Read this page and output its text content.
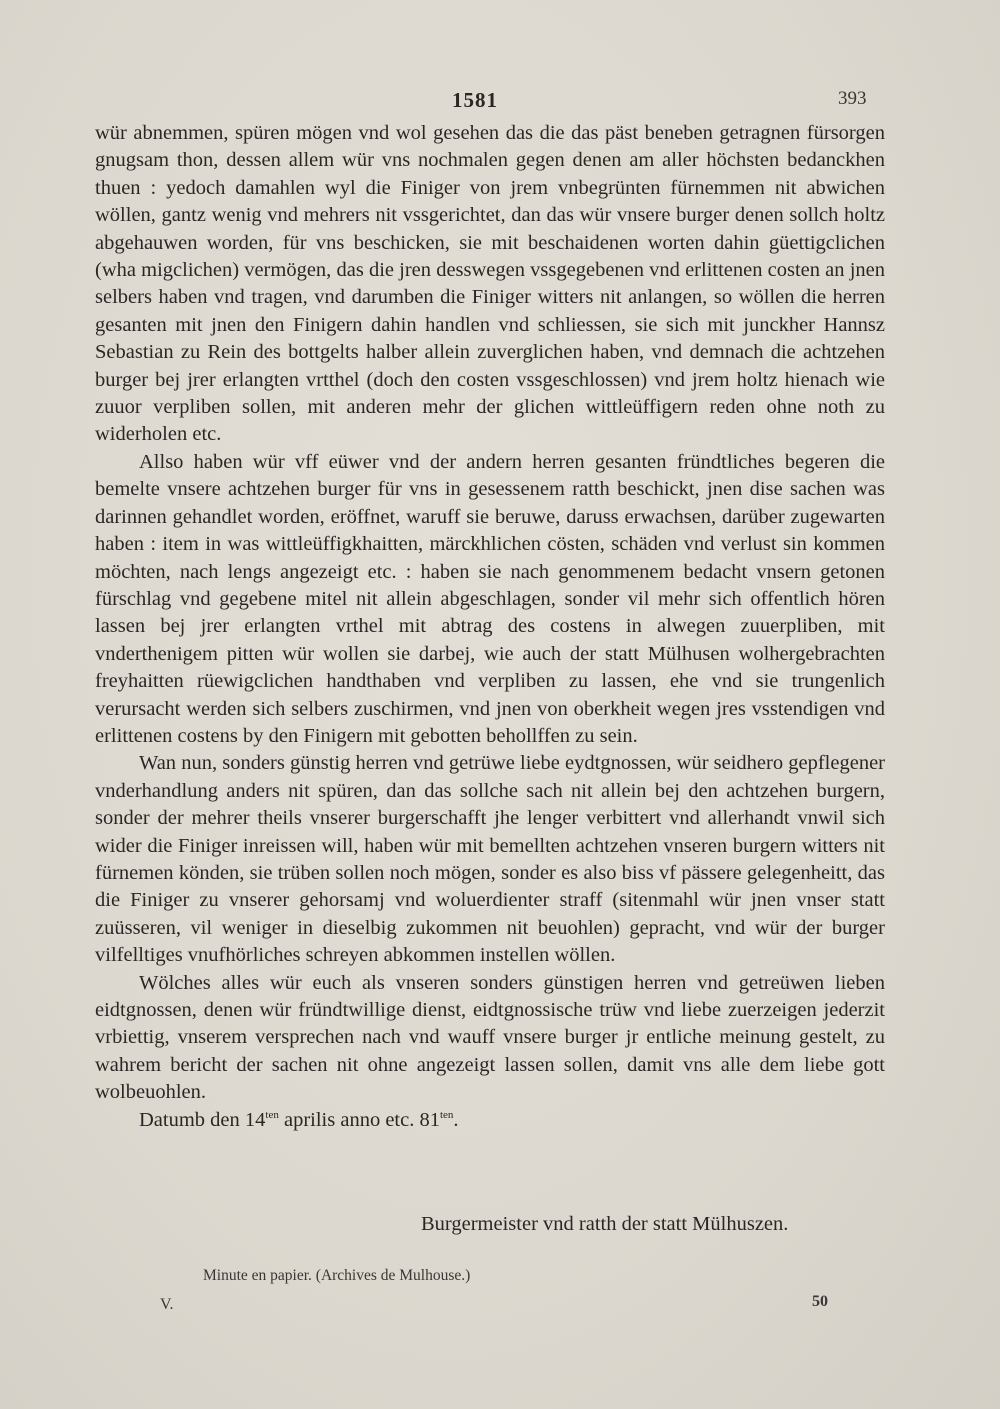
1581	393

wür abnemmen, spüren mögen vnd wol gesehen das die das päst beneben getragnen fürsorgen gnugsam thon, dessen allem wür vns nochmalen gegen denen am aller höchsten bedanckhen thuen : yedoch damahlen wyl die Finiger von jrem vnbegrünten fürnemmen nit abwichen wöllen, gantz wenig vnd mehrers nit vssgerichtet, dan das wür vnsere burger denen sollch holtz abgehauwen worden, für vns beschicken, sie mit beschaidenen worten dahin güettigclichen (wha migclichen) vermögen, das die jren desswegen vssgegebenen vnd erlittenen costen an jnen selbers haben vnd tragen, vnd darumben die Finiger witters nit anlangen, so wöllen die herren gesanten mit jnen den Finigern dahin handlen vnd schliessen, sie sich mit junckher Hannsz Sebastian zu Rein des bottgelts halber allein zuverglichen haben, vnd demnach die achtzehen burger bej jrer erlangten vrtthel (doch den costen vssgeschlossen) vnd jrem holtz hienach wie zuuor verpliben sollen, mit anderen mehr der glichen wittleüffigern reden ohne noth zu widerholen etc.

Allso haben wür vff eüwer vnd der andern herren gesanten fründtliches begeren die bemelte vnsere achtzehen burger für vns in gesessenem ratth beschickt, jnen dise sachen was darinnen gehandlet worden, eröffnet, waruff sie beruwe, daruss erwachsen, darüber zugewarten haben : item in was wittleüffigkhaitten, märckhlichen cösten, schäden vnd verlust sin kommen möchten, nach lengs angezeigt etc. : haben sie nach genommenem bedacht vnsern getonen fürschlag vnd gegebene mitel nit allein abgeschlagen, sonder vil mehr sich offentlich hören lassen bej jrer erlangten vrthel mit abtrag des costens in alwegen zuuerpliben, mit vnderthenigem pitten wür wollen sie darbej, wie auch der statt Mülhusen wolhergebrachten freyhaitten rüewigclichen handthaben vnd verpliben zu lassen, ehe vnd sie trungenlich verursacht werden sich selbers zuschirmen, vnd jnen von oberkheit wegen jres vsstendigen vnd erlittenen costens by den Finigern mit gebotten behollffen zu sein.

Wan nun, sonders günstig herren vnd getrüwe liebe eydtgnossen, wür seidhero gepflegener vnderhandlung anders nit spüren, dan das sollche sach nit allein bej den achtzehen burgern, sonder der mehrer theils vnserer burgerschafft jhe lenger verbittert vnd allerhandt vnwil sich wider die Finiger inreissen will, haben wür mit bemellten achtzehen vnseren burgern witters nit fürnemen könden, sie trüben sollen noch mögen, sonder es also biss vf pässere gelegenheitt, das die Finiger zu vnserer gehorsamj vnd woluerdienter straff (sitenmahl wür jnen vnser statt zuüsseren, vil weniger in dieselbig zukommen nit beuohlen) gepracht, vnd wür der burger vilfelltiges vnufhörliches schreyen abkommen instellen wöllen.

Wölches alles wür euch als vnseren sonders günstigen herren vnd getreüwen lieben eidtgnossen, denen wür fründtwillige dienst, eidtgnossische trüw vnd liebe zuerzeigen jederzit vrbiettig, vnserem versprechen nach vnd wauff vnsere burger jr entliche meinung gestelt, zu wahrem bericht der sachen nit ohne angezeigt lassen sollen, damit vns alle dem liebe gott wolbeuohlen.

Datumb den $14^{ten}$ aprilis anno etc. $81^{ten}$.

Burgermeister vnd ratth der statt Mülhuszen.
Minute en papier. (Archives de Mulhouse.)
V.	50
